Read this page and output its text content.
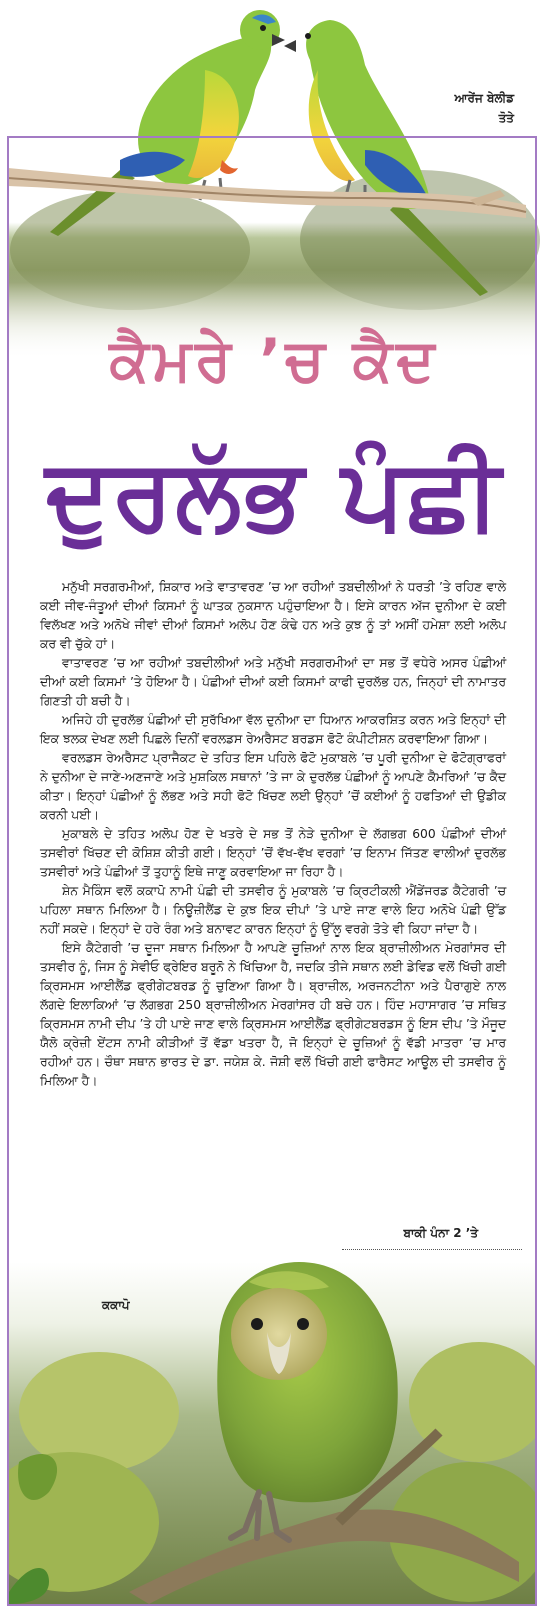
ਆਰੇਂਜ ਬੇਲੀਡ
ਤੋਤੇ
ਕੈਮਰੇ ’ਚ ਕੈਦ
ਦੁਰਲੱਭ ਪੰਛੀ

ਮਨੁੱਖੀ ਸਰਗਰਮੀਆਂ, ਸ਼ਿਕਾਰ ਅਤੇ ਵਾਤਾਵਰਣ ’ਚ ਆ ਰਹੀਆਂ ਤਬਦੀਲੀਆਂ ਨੇ ਧਰਤੀ ’ਤੇ ਰਹਿਣ ਵਾਲੇ ਕਈ ਜੀਵ-ਜੰਤੂਆਂ ਦੀਆਂ ਕਿਸਮਾਂ ਨੂੰ ਘਾਤਕ ਨੁਕਸਾਨ ਪਹੁੰਚਾਇਆ ਹੈ। ਇਸੇ ਕਾਰਨ ਅੱਜ ਦੁਨੀਆ ਦੇ ਕਈ ਵਿਲੱਖਣ ਅਤੇ ਅਨੋਖੇ ਜੀਵਾਂ ਦੀਆਂ ਕਿਸਮਾਂ ਅਲੋਪ ਹੋਣ ਕੰਢੇ ਹਨ ਅਤੇ ਕੁਝ ਨੂੰ ਤਾਂ ਅਸੀਂ ਹਮੇਸ਼ਾ ਲਈ ਅਲੋਪ ਕਰ ਵੀ ਚੁੱਕੇ ਹਾਂ।

ਵਾਤਾਵਰਣ ’ਚ ਆ ਰਹੀਆਂ ਤਬਦੀਲੀਆਂ ਅਤੇ ਮਨੁੱਖੀ ਸਰਗਰਮੀਆਂ ਦਾ ਸਭ ਤੋਂ ਵਧੇਰੇ ਅਸਰ ਪੰਛੀਆਂ ਦੀਆਂ ਕਈ ਕਿਸਮਾਂ ’ਤੇ ਹੋਇਆ ਹੈ। ਪੰਛੀਆਂ ਦੀਆਂ ਕਈ ਕਿਸਮਾਂ ਕਾਫੀ ਦੁਰਲੱਭ ਹਨ, ਜਿਨ੍ਹਾਂ ਦੀ ਨਾਮਾਤਰ ਗਿਣਤੀ ਹੀ ਬਚੀ ਹੈ।

ਅਜਿਹੇ ਹੀ ਦੁਰਲੱਭ ਪੰਛੀਆਂ ਦੀ ਸੁਰੱਖਿਆ ਵੱਲ ਦੁਨੀਆ ਦਾ ਧਿਆਨ ਆਕਰਸ਼ਿਤ ਕਰਨ ਅਤੇ ਇਨ੍ਹਾਂ ਦੀ ਇਕ ਝਲਕ ਦੇਖਣ ਲਈ ਪਿਛਲੇ ਦਿਨੀਂ ਵਰਲਡਸ ਰੇਅਰੈਸਟ ਬਰਡਸ ਫੋਟੋ ਕੰਪੀਟੀਸ਼ਨ ਕਰਵਾਇਆ ਗਿਆ।

ਵਰਲਡਸ ਰੇਅਰੈਸਟ ਪ੍ਰਾਜੈਕਟ ਦੇ ਤਹਿਤ ਇਸ ਪਹਿਲੇ ਫੋਟੋ ਮੁਕਾਬਲੇ ’ਚ ਪੂਰੀ ਦੁਨੀਆ ਦੇ ਫੋਟੋਗ੍ਰਾਫਰਾਂ ਨੇ ਦੁਨੀਆ ਦੇ ਜਾਣੇ-ਅਣਜਾਣੇ ਅਤੇ ਮੁਸ਼ਕਿਲ ਸਥਾਨਾਂ ’ਤੇ ਜਾ ਕੇ ਦੁਰਲੱਭ ਪੰਛੀਆਂ ਨੂੰ ਆਪਣੇ ਕੈਮਰਿਆਂ ’ਚ ਕੈਦ ਕੀਤਾ। ਇਨ੍ਹਾਂ ਪੰਛੀਆਂ ਨੂੰ ਲੱਭਣ ਅਤੇ ਸਹੀ ਫੋਟੋ ਖਿੱਚਣ ਲਈ ਉਨ੍ਹਾਂ ’ਚੋਂ ਕਈਆਂ ਨੂੰ ਹਫਤਿਆਂ ਦੀ ਉਡੀਕ ਕਰਨੀ ਪਈ।

ਮੁਕਾਬਲੇ ਦੇ ਤਹਿਤ ਅਲੋਪ ਹੋਣ ਦੇ ਖਤਰੇ ਦੇ ਸਭ ਤੋਂ ਨੇੜੇ ਦੁਨੀਆ ਦੇ ਲੱਗਭਗ 600 ਪੰਛੀਆਂ ਦੀਆਂ ਤਸਵੀਰਾਂ ਖਿੱਚਣ ਦੀ ਕੋਸ਼ਿਸ਼ ਕੀਤੀ ਗਈ। ਇਨ੍ਹਾਂ ’ਚੋਂ ਵੱਖ-ਵੱਖ ਵਰਗਾਂ ’ਚ ਇਨਾਮ ਜਿੱਤਣ ਵਾਲੀਆਂ ਦੁਰਲੱਭ ਤਸਵੀਰਾਂ ਅਤੇ ਪੰਛੀਆਂ ਤੋਂ ਤੁਹਾਨੂੰ ਇਥੇ ਜਾਣੂ ਕਰਵਾਇਆ ਜਾ ਰਿਹਾ ਹੈ।

ਸ਼ੇਨ ਮੈਕਿੰਸ ਵਲੋਂ ਕਕਾਪੋ ਨਾਮੀ ਪੰਛੀ ਦੀ ਤਸਵੀਰ ਨੂੰ ਮੁਕਾਬਲੇ ’ਚ ਕ੍ਰਿਟੀਕਲੀ ਐਂਡੇਂਜਰਡ ਕੈਟੇਗਰੀ ’ਚ ਪਹਿਲਾ ਸਥਾਨ ਮਿਲਿਆ ਹੈ। ਨਿਊਜ਼ੀਲੈਂਡ ਦੇ ਕੁਝ ਇਕ ਦੀਪਾਂ ’ਤੇ ਪਾਏ ਜਾਣ ਵਾਲੇ ਇਹ ਅਨੋਖੇ ਪੰਛੀ ਉੱਡ ਨਹੀਂ ਸਕਦੇ। ਇਨ੍ਹਾਂ ਦੇ ਹਰੇ ਰੰਗ ਅਤੇ ਬਨਾਵਟ ਕਾਰਨ ਇਨ੍ਹਾਂ ਨੂੰ ਉੱਲੂ ਵਰਗੇ ਤੋਤੇ ਵੀ ਕਿਹਾ ਜਾਂਦਾ ਹੈ।

ਇਸੇ ਕੈਟੇਗਰੀ ’ਚ ਦੂਜਾ ਸਥਾਨ ਮਿਲਿਆ ਹੈ ਆਪਣੇ ਚੂਜ਼ਿਆਂ ਨਾਲ ਇਕ ਬ੍ਰਾਜ਼ੀਲੀਅਨ ਮੇਰਗਾਂਸਰ ਦੀ ਤਸਵੀਰ ਨੂੰ, ਜਿਸ ਨੂੰ ਸੇਵੀਓ ਫ੍ਰੇਇਰ ਬਰੂਨੋ ਨੇ ਖਿੱਚਿਆ ਹੈ, ਜਦਕਿ ਤੀਜੇ ਸਥਾਨ ਲਈ ਡੇਵਿਡ ਵਲੋਂ ਖਿੱਚੀ ਗਈ ਕ੍ਰਿਸਮਸ ਆਈਲੈਂਡ ਫ੍ਰੀਗੇਟਬਰਡ ਨੂੰ ਚੁਣਿਆ ਗਿਆ ਹੈ। ਬ੍ਰਾਜ਼ੀਲ, ਅਰਜਨਟੀਨਾ ਅਤੇ ਪੈਰਾਗੁਏ ਨਾਲ ਲੱਗਦੇ ਇਲਾਕਿਆਂ ’ਚ ਲੱਗਭਗ 250 ਬ੍ਰਾਜ਼ੀਲੀਅਨ ਮੇਰਗਾਂਸਰ ਹੀ ਬਚੇ ਹਨ। ਹਿੰਦ ਮਹਾਸਾਗਰ ’ਚ ਸਥਿਤ ਕ੍ਰਿਸਮਸ ਨਾਮੀ ਦੀਪ ’ਤੇ ਹੀ ਪਾਏ ਜਾਣ ਵਾਲੇ ਕ੍ਰਿਸਮਸ ਆਈਲੈਂਡ ਫ੍ਰੀਗੇਟਬਰਡਸ ਨੂੰ ਇਸ ਦੀਪ ’ਤੇ ਮੌਜੂਦ ਯੈਲੋ ਕ੍ਰੇਜ਼ੀ ਏਂਟਸ ਨਾਮੀ ਕੀੜੀਆਂ ਤੋਂ ਵੱਡਾ ਖਤਰਾ ਹੈ, ਜੋ ਇਨ੍ਹਾਂ ਦੇ ਚੂਜ਼ਿਆਂ ਨੂੰ ਵੱਡੀ ਮਾਤਰਾ ’ਚ ਮਾਰ ਰਹੀਆਂ ਹਨ। ਚੌਥਾ ਸਥਾਨ ਭਾਰਤ ਦੇ ਡਾ. ਜਯੇਸ਼ ਕੇ. ਜੋਸ਼ੀ ਵਲੋਂ ਖਿੱਚੀ ਗਈ ਫਾਰੈਸਟ ਆਊਲ ਦੀ ਤਸਵੀਰ ਨੂੰ ਮਿਲਿਆ ਹੈ।

ਬਾਕੀ ਪੰਨਾ 2 ’ਤੇ
ਕਕਾਪੋ
